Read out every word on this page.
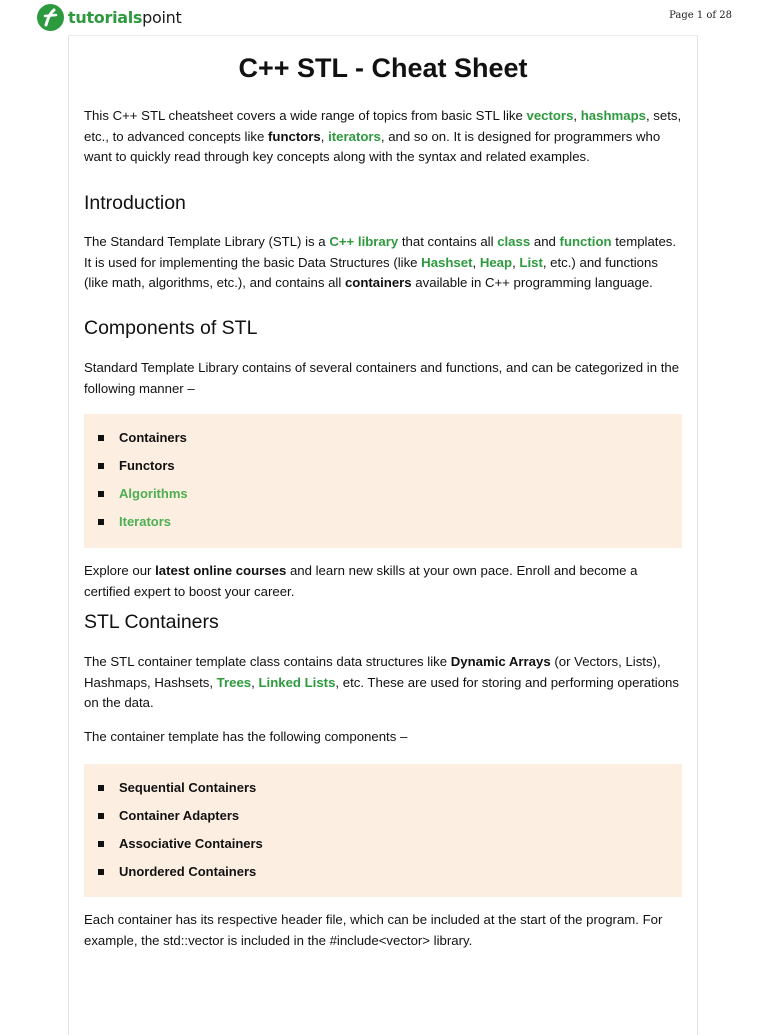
tutorialspoint	Page 1 of 28
C++ STL - Cheat Sheet

This C++ STL cheatsheet covers a wide range of topics from basic STL like vectors, hashmaps, sets, etc., to advanced concepts like functors, iterators, and so on. It is designed for programmers who want to quickly read through key concepts along with the syntax and related examples.

Introduction

The Standard Template Library (STL) is a C++ library that contains all class and function templates. It is used for implementing the basic Data Structures (like Hashset, Heap, List, etc.) and functions (like math, algorithms, etc.), and contains all containers available in C++ programming language.

Components of STL

Standard Template Library contains of several containers and functions, and can be categorized in the following manner –

Containers
Functors
Algorithms
Iterators

Explore our latest online courses and learn new skills at your own pace. Enroll and become a certified expert to boost your career.

STL Containers

The STL container template class contains data structures like Dynamic Arrays (or Vectors, Lists), Hashmaps, Hashsets, Trees, Linked Lists, etc. These are used for storing and performing operations on the data.

The container template has the following components –

Sequential Containers
Container Adapters
Associative Containers
Unordered Containers

Each container has its respective header file, which can be included at the start of the program. For example, the std::vector is included in the #include<vector> library.
